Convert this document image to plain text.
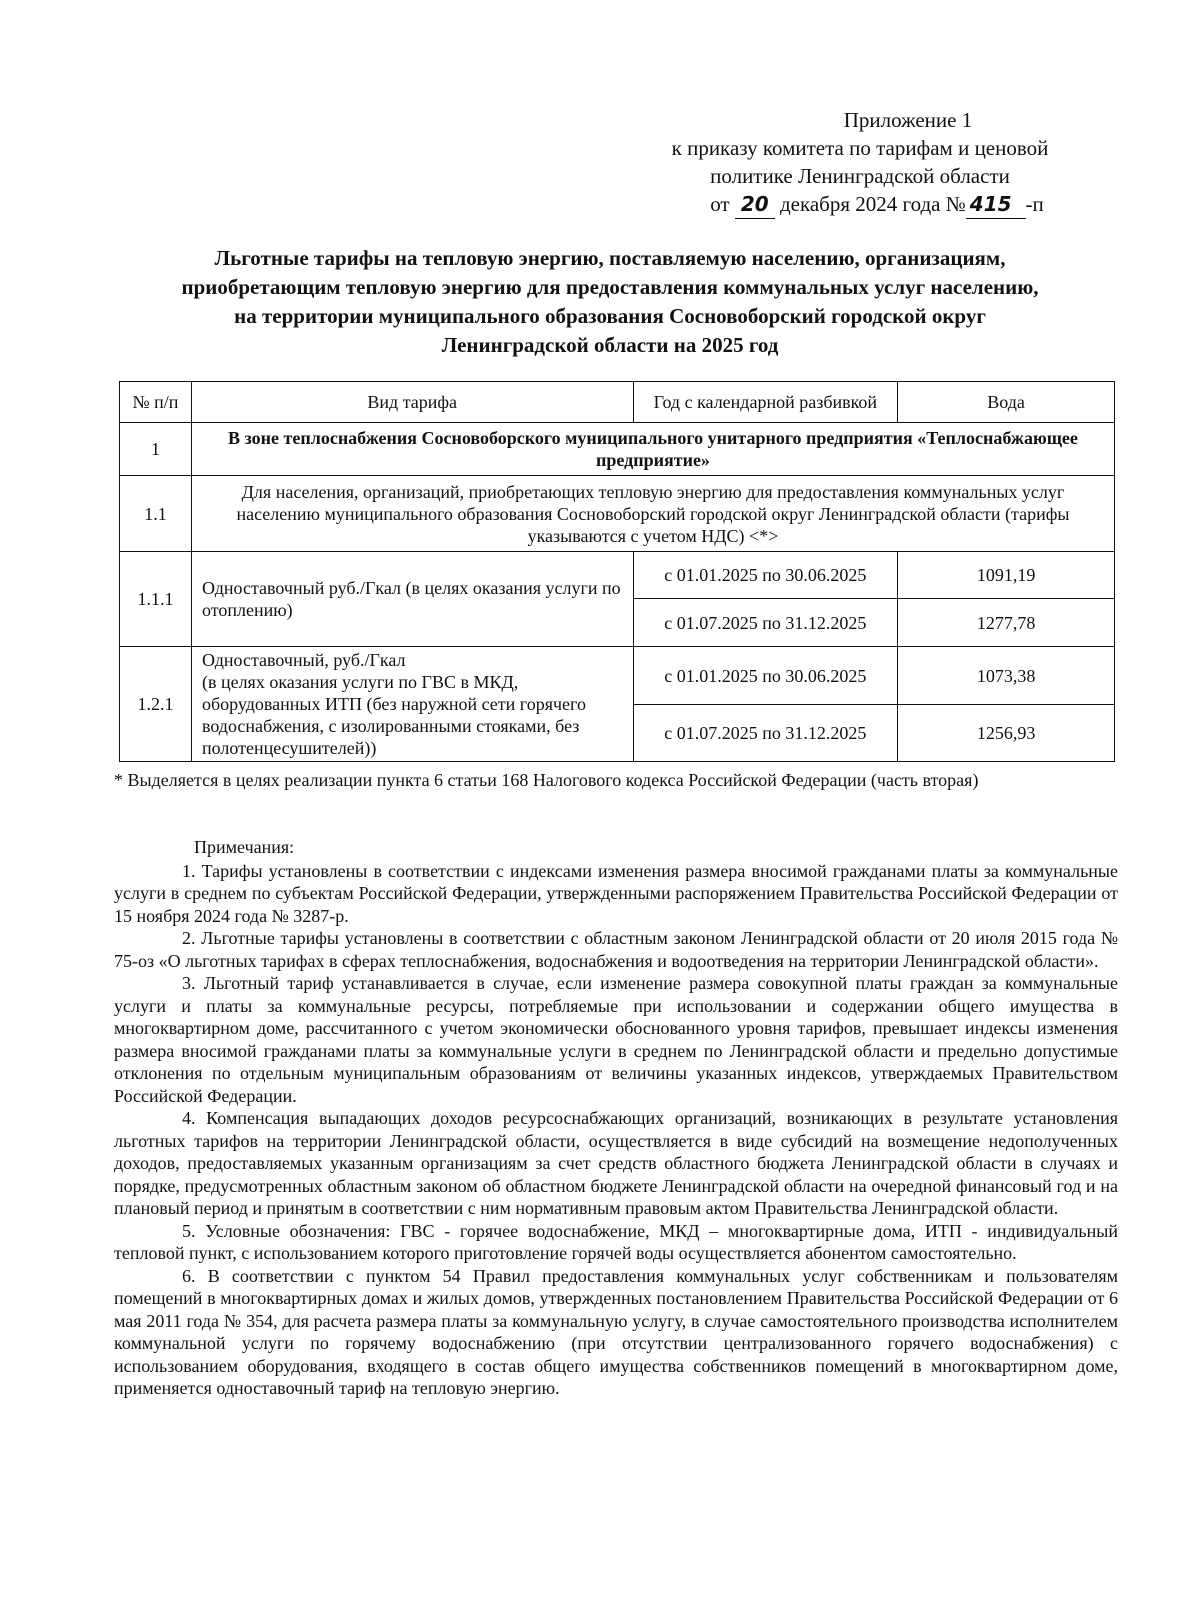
Приложение 1
к приказу комитета по тарифам и ценовой
политике Ленинградской области
от 20 декабря 2024 года № 415 -п
Льготные тарифы на тепловую энергию, поставляемую населению, организациям,
приобретающим тепловую энергию для предоставления коммунальных услуг населению,
на территории муниципального образования Сосновоборский городской округ
Ленинградской области на 2025 год
№ п/п	Вид тарифа	Год с календарной разбивкой	Вода
1	В зоне теплоснабжения Сосновоборского муниципального унитарного предприятия «Теплоснабжающее предприятие»		
1.1	Для населения, организаций, приобретающих тепловую энергию для предоставления коммунальных услуг населению муниципального образования Сосновоборский городской округ Ленинградской области (тарифы указываются с учетом НДС) <*>		
1.1.1	Одноставочный руб./Гкал (в целях оказания услуги по отоплению)	с 01.01.2025 по 30.06.2025	1091,19
		с 01.07.2025 по 31.12.2025	1277,78
1.2.1	Одноставочный, руб./Гкал
(в целях оказания услуги по ГВС в МКД, оборудованных ИТП (без наружной сети горячего водоснабжения, с изолированными стояками, без полотенцесушителей))	с 01.01.2025 по 30.06.2025	1073,38
		с 01.07.2025 по 31.12.2025	1256,93
* Выделяется в целях реализации пункта 6 статьи 168 Налогового кодекса Российской Федерации (часть вторая)
Примечания:

1. Тарифы установлены в соответствии с индексами изменения размера вносимой гражданами платы за коммунальные услуги в среднем по субъектам Российской Федерации, утвержденными распоряжением Правительства Российской Федерации от 15 ноября 2024 года № 3287-р.

2. Льготные тарифы установлены в соответствии с областным законом Ленинградской области от 20 июля 2015 года № 75-оз «О льготных тарифах в сферах теплоснабжения, водоснабжения и водоотведения на территории Ленинградской области».

3. Льготный тариф устанавливается в случае, если изменение размера совокупной платы граждан за коммунальные услуги и платы за коммунальные ресурсы, потребляемые при использовании и содержании общего имущества в многоквартирном доме, рассчитанного с учетом экономически обоснованного уровня тарифов, превышает индексы изменения размера вносимой гражданами платы за коммунальные услуги в среднем по Ленинградской области и предельно допустимые отклонения по отдельным муниципальным образованиям от величины указанных индексов, утверждаемых Правительством Российской Федерации.

4. Компенсация выпадающих доходов ресурсоснабжающих организаций, возникающих в результате установления льготных тарифов на территории Ленинградской области, осуществляется в виде субсидий на возмещение недополученных доходов, предоставляемых указанным организациям за счет средств областного бюджета Ленинградской области в случаях и порядке, предусмотренных областным законом об областном бюджете Ленинградской области на очередной финансовый год и на плановый период и принятым в соответствии с ним нормативным правовым актом Правительства Ленинградской области.

5. Условные обозначения: ГВС - горячее водоснабжение, МКД – многоквартирные дома, ИТП - индивидуальный тепловой пункт, с использованием которого приготовление горячей воды осуществляется абонентом самостоятельно.

6. В соответствии с пунктом 54 Правил предоставления коммунальных услуг собственникам и пользователям помещений в многоквартирных домах и жилых домов, утвержденных постановлением Правительства Российской Федерации от 6 мая 2011 года № 354, для расчета размера платы за коммунальную услугу, в случае самостоятельного производства исполнителем коммунальной услуги по горячему водоснабжению (при отсутствии централизованного горячего водоснабжения) с использованием оборудования, входящего в состав общего имущества собственников помещений в многоквартирном доме, применяется одноставочный тариф на тепловую энергию.
